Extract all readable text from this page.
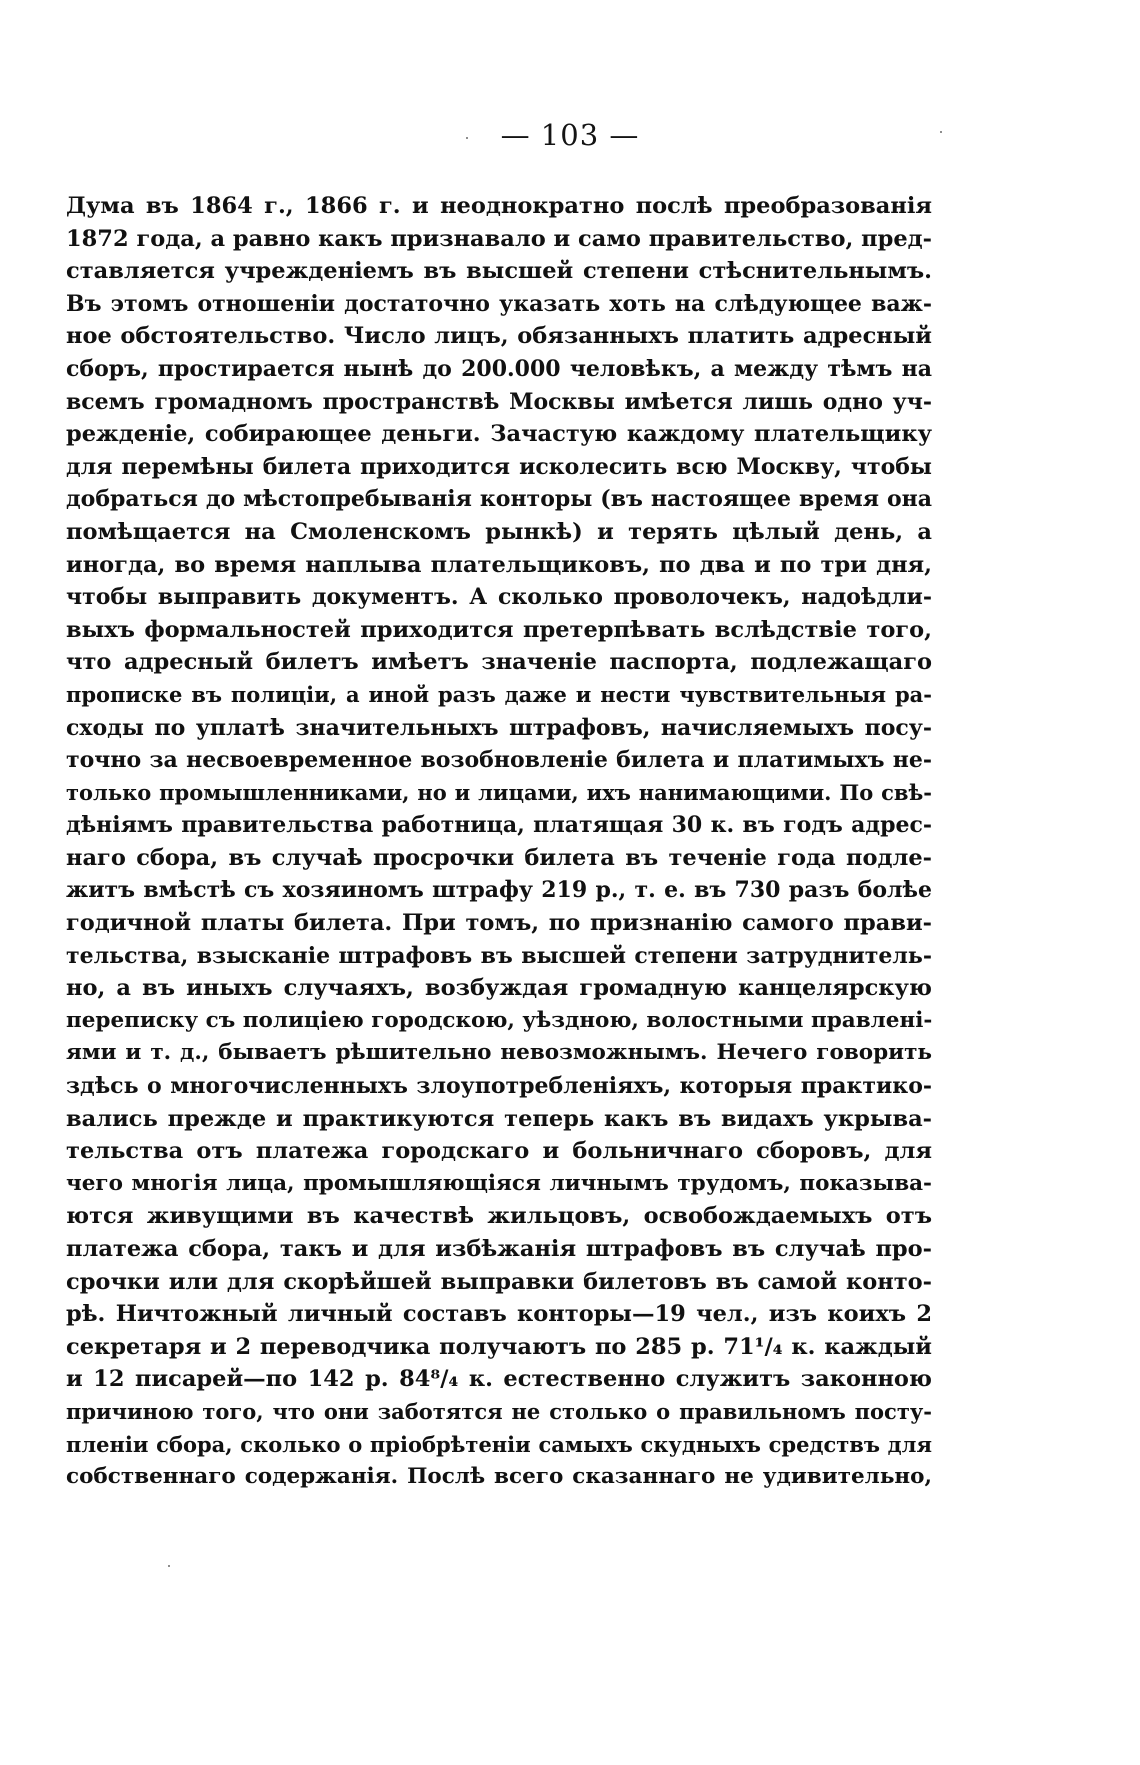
— 103 —
Дума въ 1864 г., 1866 г. и неоднократно послѣ преобразованія
1872 года, а равно какъ признавало и само правительство, пред-
ставляется учрежденіемъ въ высшей степени стѣснительнымъ.
Въ этомъ отношеніи достаточно указать хоть на слѣдующее важ-
ное обстоятельство. Число лицъ, обязанныхъ платить адресный
сборъ, простирается нынѣ до 200.000 человѣкъ, а между тѣмъ на
всемъ громадномъ пространствѣ Москвы имѣется лишь одно уч-
режденіе, собирающее деньги. Зачастую каждому плательщику
для перемѣны билета приходится исколесить всю Москву, чтобы
добраться до мѣстопребыванія конторы (въ настоящее время она
помѣщается на Смоленскомъ рынкѣ) и терять цѣлый день, а
иногда, во время наплыва плательщиковъ, по два и по три дня,
чтобы выправить документъ. А сколько проволочекъ, надоѣдли-
выхъ формальностей приходится претерпѣвать вслѣдствіе того,
что адресный билетъ имѣетъ значеніе паспорта, подлежащаго
прописке въ полиціи, а иной разъ даже и нести чувствительныя ра-
сходы по уплатѣ значительныхъ штрафовъ, начисляемыхъ посу-
точно за несвоевременное возобновленіе билета и платимыхъ не-
только промышленниками, но и лицами, ихъ нанимающими. По свѣ-
дѣніямъ правительства работница, платящая 30 к. въ годъ адрес-
наго сбора, въ случаѣ просрочки билета въ теченіе года подле-
житъ вмѣстѣ съ хозяиномъ штрафу 219 р., т. е. въ 730 разъ болѣе
годичной платы билета. При томъ, по признанію самого прави-
тельства, взысканіе штрафовъ въ высшей степени затруднитель-
но, а въ иныхъ случаяхъ, возбуждая громадную канцелярскую
переписку съ полиціею городскою, уѣздною, волостными правленi-
ями и т. д., бываетъ рѣшительно невозможнымъ. Нечего говорить
здѣсь о многочисленныхъ злоупотребленіяхъ, которыя практико-
вались прежде и практикуются теперь какъ въ видахъ укрыва-
тельства отъ платежа городскаго и больничнаго сборовъ, для
чего многія лица, промышляющіяся личнымъ трудомъ, показыва-
ются живущими въ качествѣ жильцовъ, освобождаемыхъ отъ
платежа сбора, такъ и для избѣжанія штрафовъ въ случаѣ про-
срочки или для скорѣйшей выправки билетовъ въ самой конто-
рѣ. Ничтожный личный составъ конторы—19 чел., изъ коихъ 2
секретаря и 2 переводчика получаютъ по 285 р. 71¹/₄ к. каждый
и 12 писарей—по 142 р. 84⁸/₄ к. естественно служитъ законною
причиною того, что они заботятся не столько о правильномъ посту-
пленіи сбора, сколько о пріобрѣтеніи самыхъ скудныхъ средствъ для
собственнаго содержанія. Послѣ всего сказаннаго не удивительно,
